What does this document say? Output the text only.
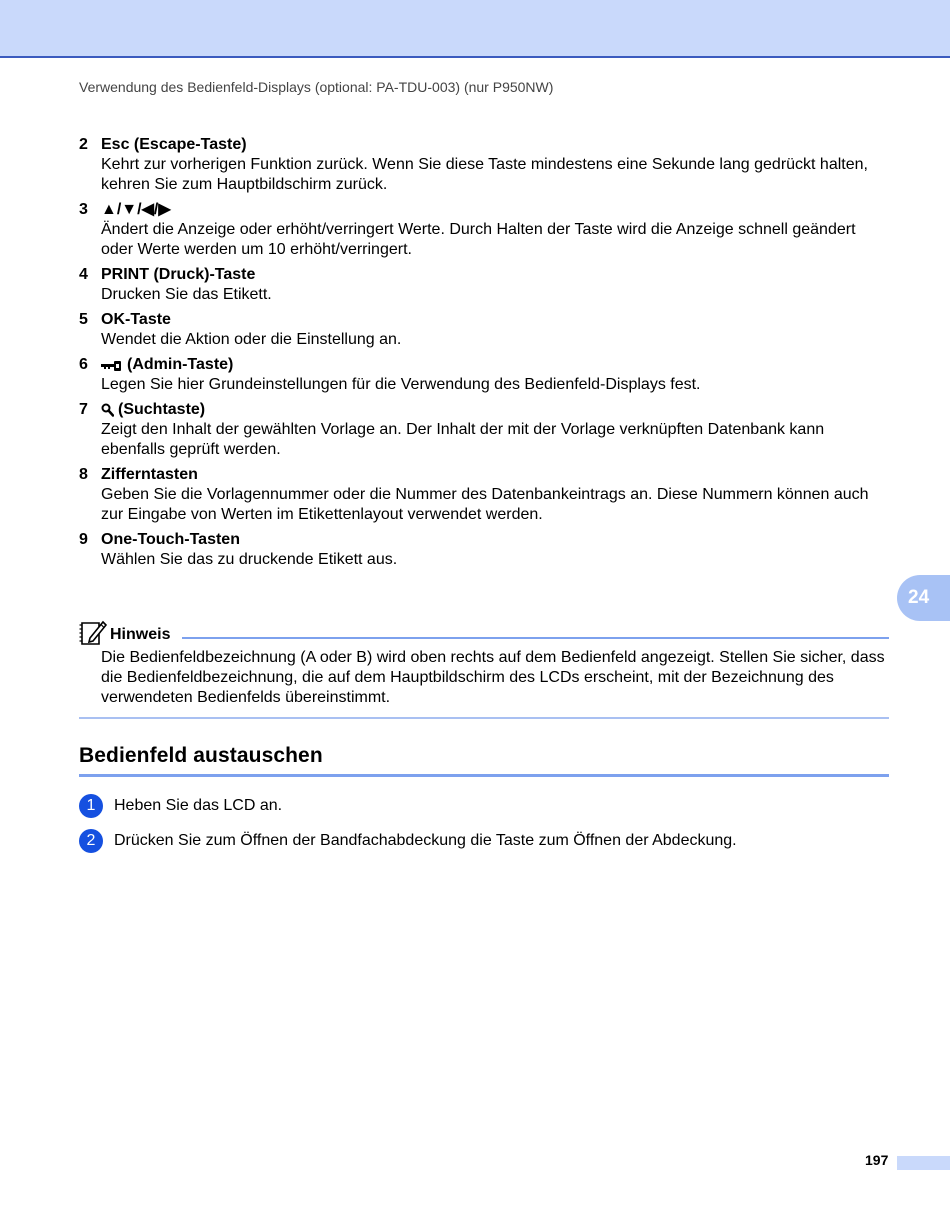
Verwendung des Bedienfeld-Displays (optional: PA-TDU-003) (nur P950NW)
2 Esc (Escape-Taste)
Kehrt zur vorherigen Funktion zurück. Wenn Sie diese Taste mindestens eine Sekunde lang gedrückt halten, kehren Sie zum Hauptbildschirm zurück.
3 ▲/▼/◀/▶
Ändert die Anzeige oder erhöht/verringert Werte. Durch Halten der Taste wird die Anzeige schnell geändert oder Werte werden um 10 erhöht/verringert.
4 PRINT (Druck)-Taste
Drucken Sie das Etikett.
5 OK-Taste
Wendet die Aktion oder die Einstellung an.
6	(Admin-Taste)
Legen Sie hier Grundeinstellungen für die Verwendung des Bedienfeld-Displays fest.
7	(Suchtaste)
Zeigt den Inhalt der gewählten Vorlage an. Der Inhalt der mit der Vorlage verknüpften Datenbank kann ebenfalls geprüft werden.
8 Zifferntasten
Geben Sie die Vorlagennummer oder die Nummer des Datenbankeintrags an. Diese Nummern können auch zur Eingabe von Werten im Etikettenlayout verwendet werden.
9 One-Touch-Tasten
Wählen Sie das zu druckende Etikett aus.
24
Hinweis
Die Bedienfeldbezeichnung (A oder B) wird oben rechts auf dem Bedienfeld angezeigt. Stellen Sie sicher, dass die Bedienfeldbezeichnung, die auf dem Hauptbildschirm des LCDs erscheint, mit der Bezeichnung des verwendeten Bedienfelds übereinstimmt.
Bedienfeld austauschen
1	Heben Sie das LCD an.
2	Drücken Sie zum Öffnen der Bandfachabdeckung die Taste zum Öffnen der Abdeckung.
197
